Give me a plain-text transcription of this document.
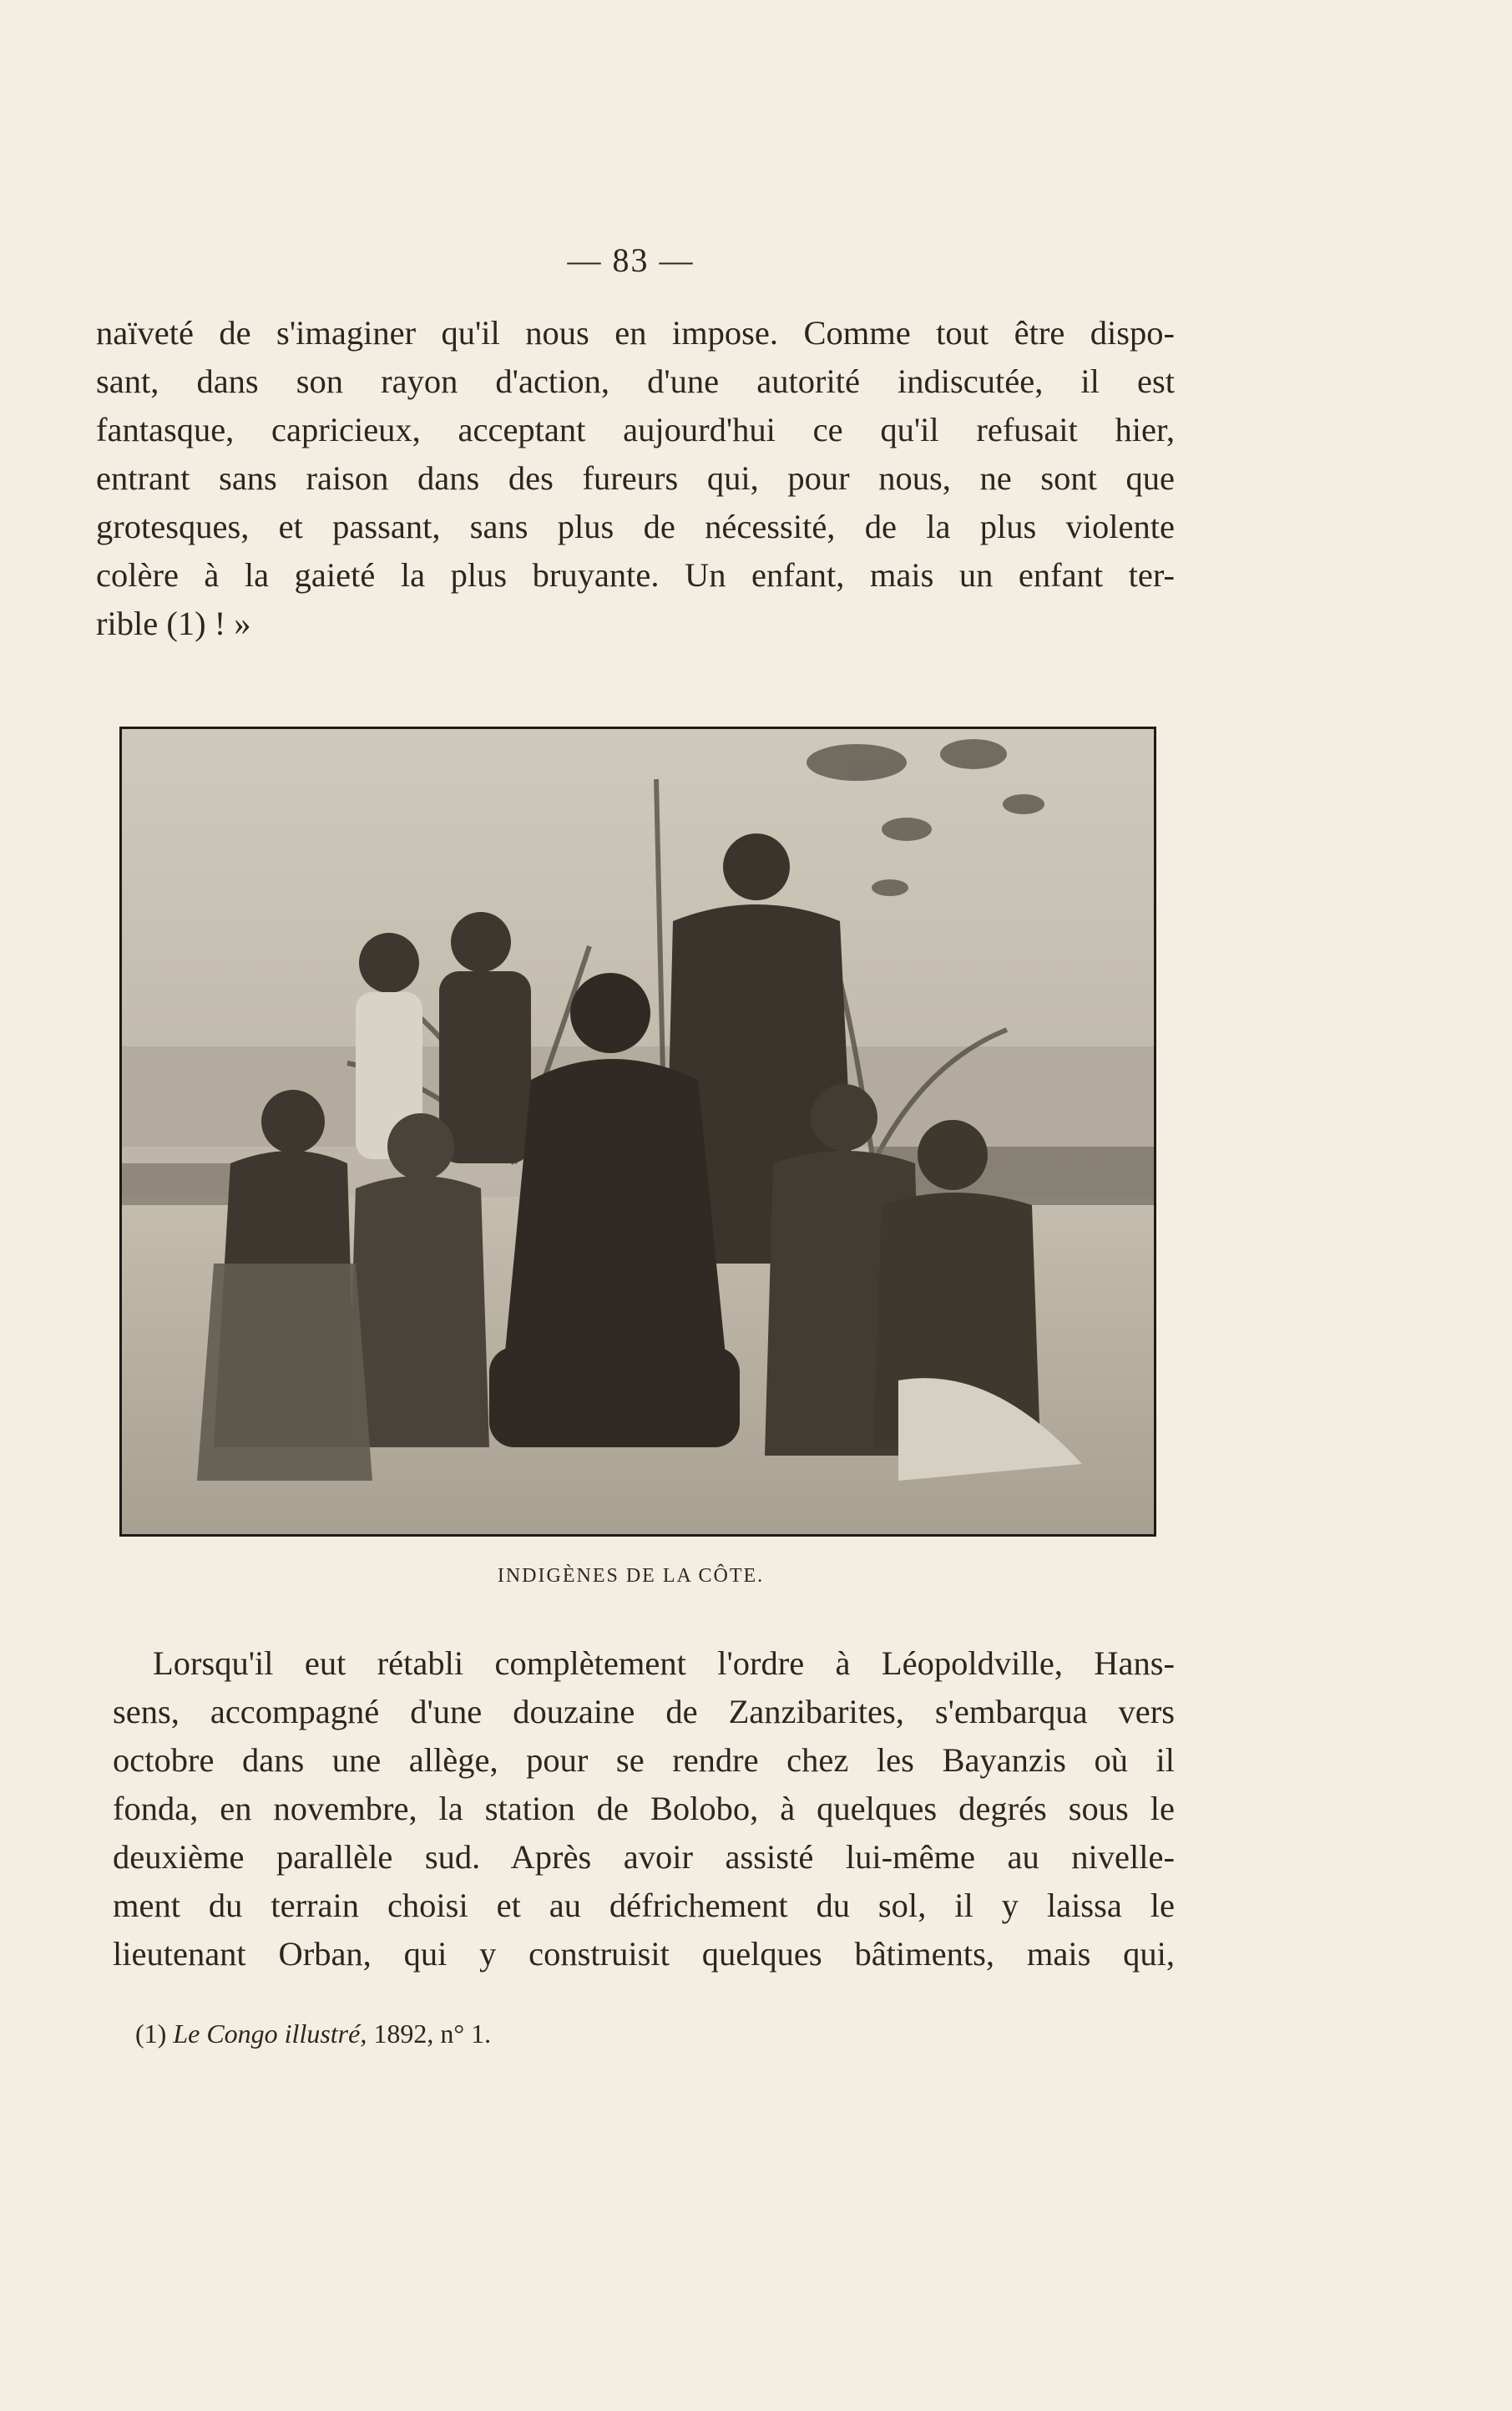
— 83 —

naïveté de s'imaginer qu'il nous en impose. Comme tout être dispo-
sant, dans son rayon d'action, d'une autorité indiscutée, il est
fantasque, capricieux, acceptant aujourd'hui ce qu'il refusait hier,
entrant sans raison dans des fureurs qui, pour nous, ne sont que
grotesques, et passant, sans plus de nécessité, de la plus violente
colère à la gaieté la plus bruyante. Un enfant, mais un enfant ter-
rible (1) ! »

INDIGÈNES DE LA CÔTE.

Lorsqu'il eut rétabli complètement l'ordre à Léopoldville, Hans-
sens, accompagné d'une douzaine de Zanzibarites, s'embarqua vers
octobre dans une allège, pour se rendre chez les Bayanzis où il
fonda, en novembre, la station de Bolobo, à quelques degrés sous le
deuxième parallèle sud. Après avoir assisté lui-même au nivelle-
ment du terrain choisi et au défrichement du sol, il y laissa le
lieutenant Orban, qui y construisit quelques bâtiments, mais qui,

(1) Le Congo illustré, 1892, n° 1.
